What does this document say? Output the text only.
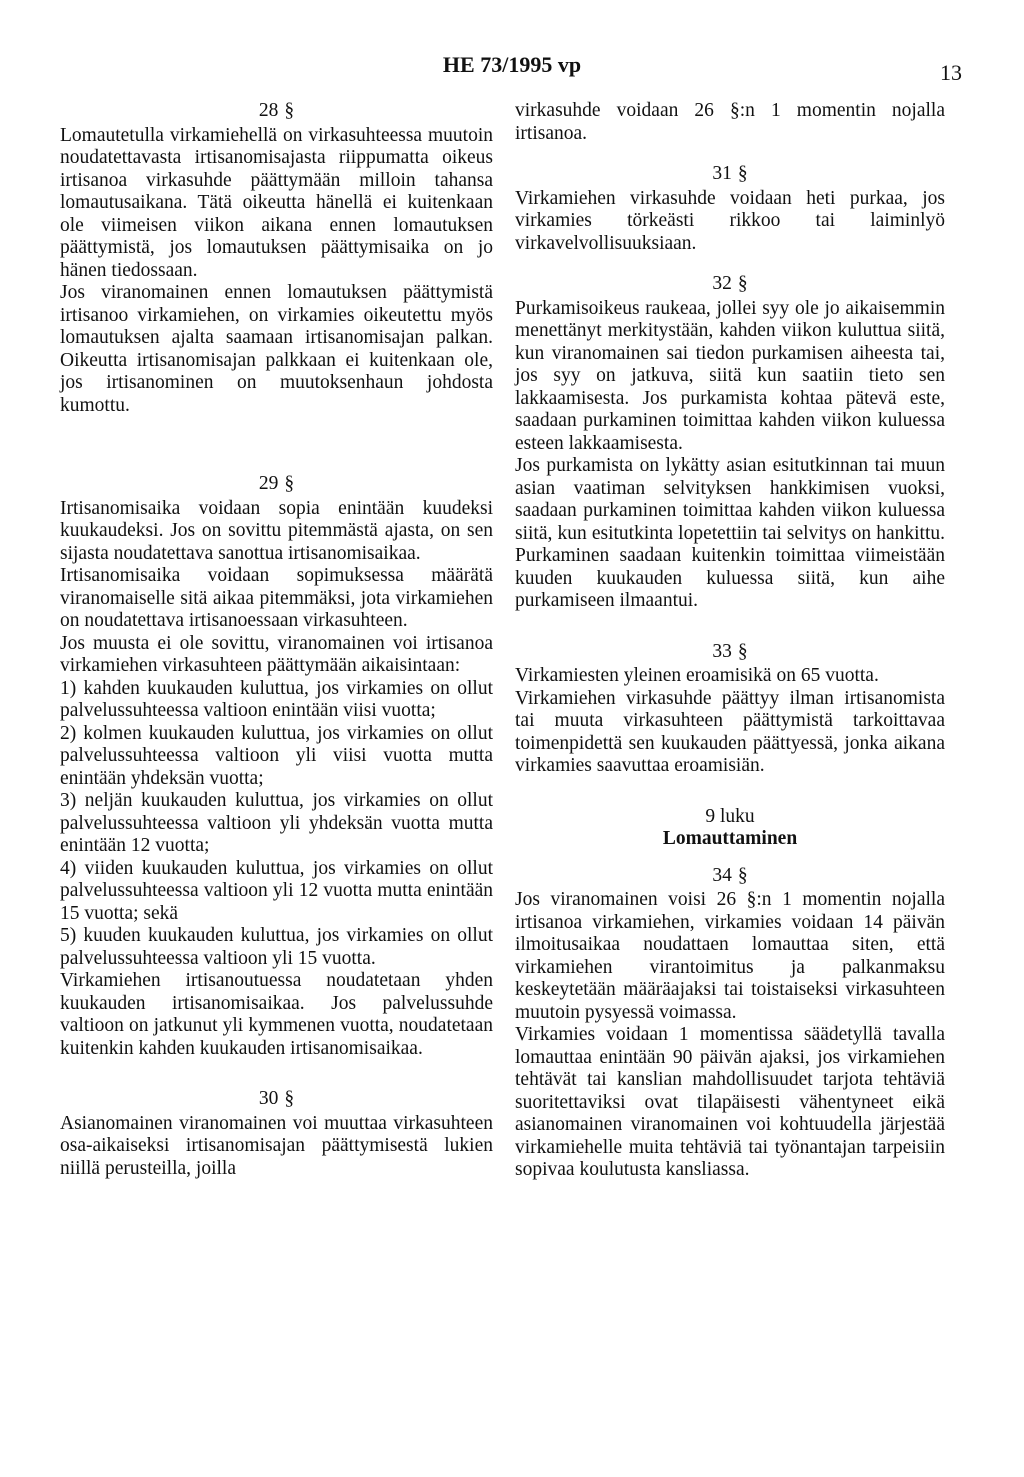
HE 73/1995 vp	13
28 §

Lomautetulla virkamiehellä on virkasuhteessa muutoin noudatettavasta irtisanomisajasta riippumatta oikeus irtisanoa virkasuhde päättymään milloin tahansa lomautusaikana. Tätä oikeutta hänellä ei kuitenkaan ole viimeisen viikon aikana ennen lomautuksen päättymistä, jos lomautuksen päättymisaika on jo hänen tiedossaan.

Jos viranomainen ennen lomautuksen päättymistä irtisanoo virkamiehen, on virkamies oikeutettu myös lomautuksen ajalta saamaan irtisanomisajan palkan. Oikeutta irtisanomisajan palkkaan ei kuitenkaan ole, jos irtisanominen on muutoksenhaun johdosta kumottu.

29 §

Irtisanomisaika voidaan sopia enintään kuudeksi kuukaudeksi. Jos on sovittu pitemmästä ajasta, on sen sijasta noudatettava sanottua irtisanomisaikaa.

Irtisanomisaika voidaan sopimuksessa määrätä viranomaiselle sitä aikaa pitemmäksi, jota virkamiehen on noudatettava irtisanoessaan virkasuhteen.

Jos muusta ei ole sovittu, viranomainen voi irtisanoa virkamiehen virkasuhteen päättymään aikaisintaan:

1) kahden kuukauden kuluttua, jos virkamies on ollut palvelussuhteessa valtioon enintään viisi vuotta;

2) kolmen kuukauden kuluttua, jos virkamies on ollut palvelussuhteessa valtioon yli viisi vuotta mutta enintään yhdeksän vuotta;

3) neljän kuukauden kuluttua, jos virkamies on ollut palvelussuhteessa valtioon yli yhdeksän vuotta mutta enintään 12 vuotta;

4) viiden kuukauden kuluttua, jos virkamies on ollut palvelussuhteessa valtioon yli 12 vuotta mutta enintään 15 vuotta; sekä

5) kuuden kuukauden kuluttua, jos virkamies on ollut palvelussuhteessa valtioon yli 15 vuotta.

Virkamiehen irtisanoutuessa noudatetaan yhden kuukauden irtisanomisaikaa. Jos palvelussuhde valtioon on jatkunut yli kymmenen vuotta, noudatetaan kuitenkin kahden kuukauden irtisanomisaikaa.

30 §

Asianomainen viranomainen voi muuttaa virkasuhteen osa-aikaiseksi irtisanomisajan päättymisestä lukien niillä perusteilla, joilla

virkasuhde voidaan 26 §:n 1 momentin nojalla irtisanoa.

31 §

Virkamiehen virkasuhde voidaan heti purkaa, jos virkamies törkeästi rikkoo tai laiminlyö virkavelvollisuuksiaan.

32 §

Purkamisoikeus raukeaa, jollei syy ole jo aikaisemmin menettänyt merkitystään, kahden viikon kuluttua siitä, kun viranomainen sai tiedon purkamisen aiheesta tai, jos syy on jatkuva, siitä kun saatiin tieto sen lakkaamisesta. Jos purkamista kohtaa pätevä este, saadaan purkaminen toimittaa kahden viikon kuluessa esteen lakkaamisesta.

Jos purkamista on lykätty asian esitutkinnan tai muun asian vaatiman selvityksen hankkimisen vuoksi, saadaan purkaminen toimittaa kahden viikon kuluessa siitä, kun esitutkinta lopetettiin tai selvitys on hankittu. Purkaminen saadaan kuitenkin toimittaa viimeistään kuuden kuukauden kuluessa siitä, kun aihe purkamiseen ilmaantui.

33 §

Virkamiesten yleinen eroamisikä on 65 vuotta.

Virkamiehen virkasuhde päättyy ilman irtisanomista tai muuta virkasuhteen päättymistä tarkoittavaa toimenpidettä sen kuukauden päättyessä, jonka aikana virkamies saavuttaa eroamisiän.

9 luku

Lomauttaminen

34 §

Jos viranomainen voisi 26 §:n 1 momentin nojalla irtisanoa virkamiehen, virkamies voidaan 14 päivän ilmoitusaikaa noudattaen lomauttaa siten, että virkamiehen virantoimitus ja palkanmaksu keskeytetään määräajaksi tai toistaiseksi virkasuhteen muutoin pysyessä voimassa.

Virkamies voidaan 1 momentissa säädetyllä tavalla lomauttaa enintään 90 päivän ajaksi, jos virkamiehen tehtävät tai kanslian mahdollisuudet tarjota tehtäviä suoritettaviksi ovat tilapäisesti vähentyneet eikä asianomainen viranomainen voi kohtuudella järjestää virkamiehelle muita tehtäviä tai työnantajan tarpeisiin sopivaa koulutusta kansliassa.
